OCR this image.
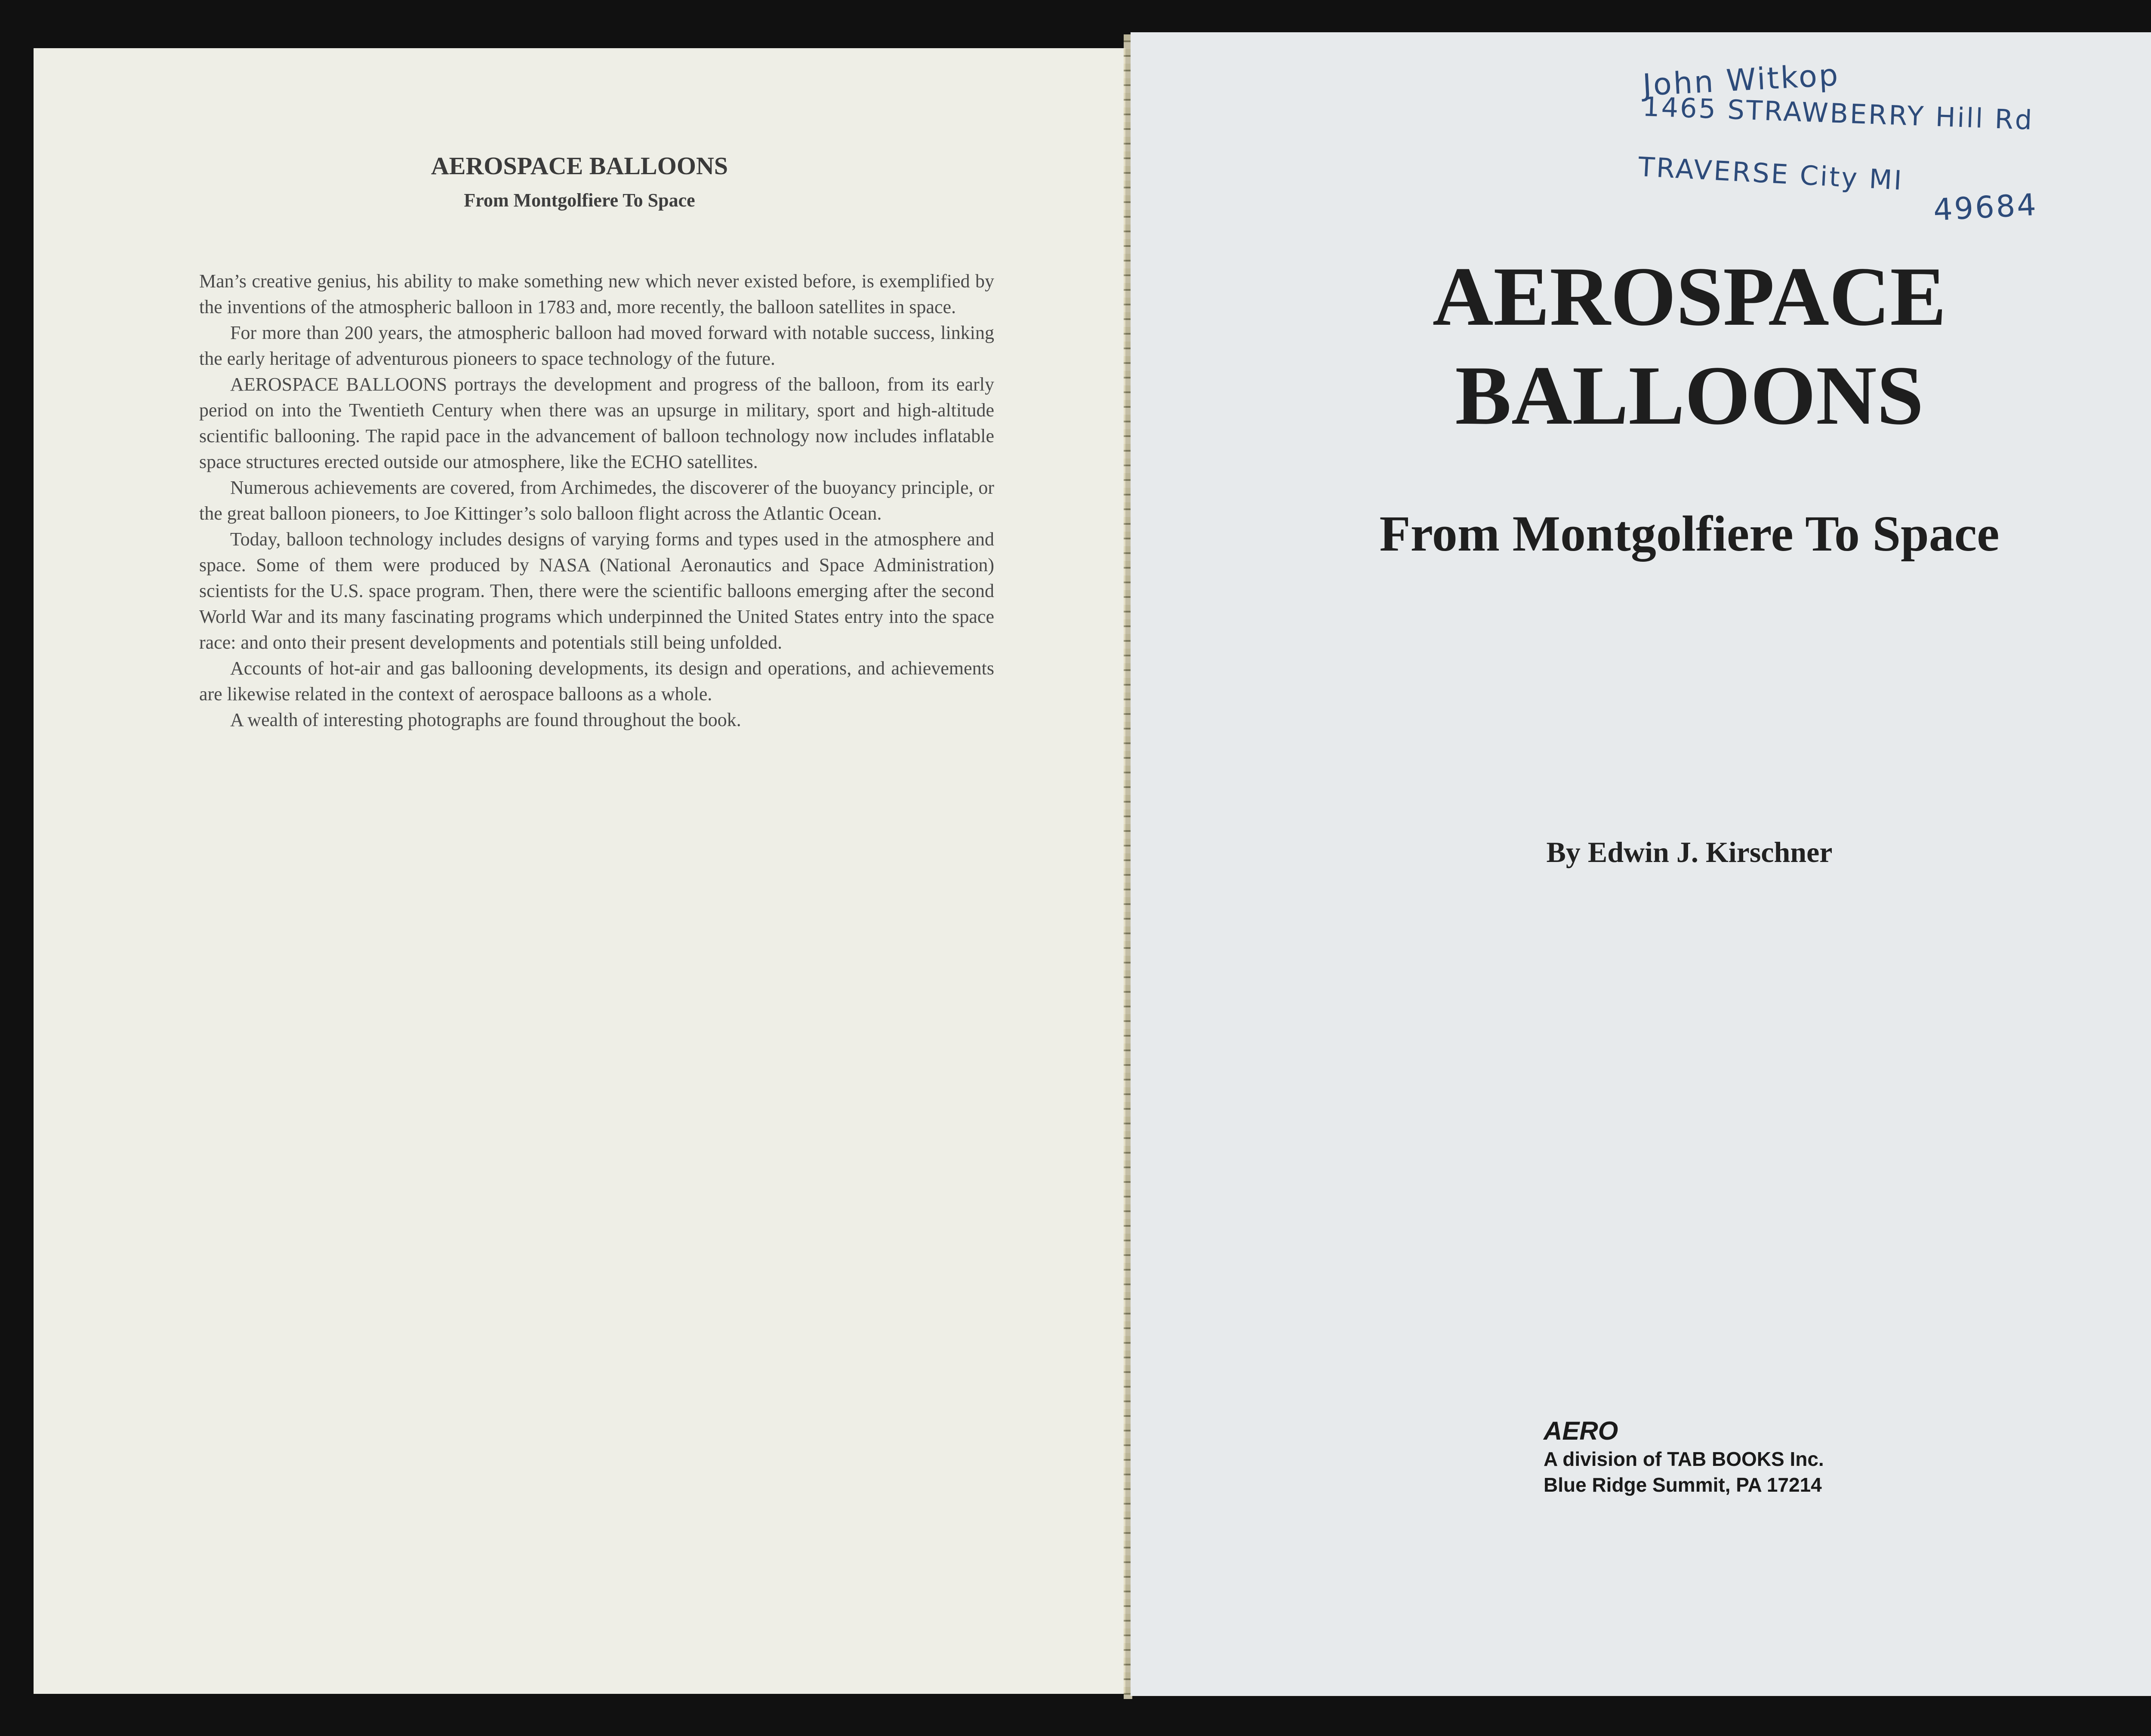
AEROSPACE BALLOONS
From Montgolfiere To Space

Man’s creative genius, his ability to make something new which never existed before, is exemplified by the inventions of the atmospheric balloon in 1783 and, more recently, the balloon satellites in space.

For more than 200 years, the atmospheric balloon had moved forward with notable success, linking the early heritage of adventurous pioneers to space technology of the future.

AEROSPACE BALLOONS portrays the development and progress of the balloon, from its early period on into the Twentieth Century when there was an upsurge in military, sport and high-altitude scientific ballooning. The rapid pace in the advancement of balloon technology now includes inflatable space structures erected outside our atmosphere, like the ECHO satellites.

Numerous achievements are covered, from Archimedes, the discoverer of the buoyancy principle, or the great balloon pioneers, to Joe Kittinger’s solo balloon flight across the Atlantic Ocean.

Today, balloon technology includes designs of varying forms and types used in the atmosphere and space. Some of them were produced by NASA (National Aeronautics and Space Administration) scientists for the U.S. space program. Then, there were the scientific balloons emerging after the second World War and its many fascinating programs which underpinned the United States entry into the space race: and onto their present developments and potentials still being unfolded.

Accounts of hot-air and gas ballooning developments, its design and operations, and achievements are likewise related in the context of aerospace balloons as a whole.

A wealth of interesting photographs are found throughout the book.

John Witkop
1465 STRAWBERRY Hill Rd
TRAVERSE City MI
49684
AEROSPACE
BALLOONS
From Montgolfiere To Space
By Edwin J. Kirschner
AERO
A division of TAB BOOKS Inc.
Blue Ridge Summit, PA 17214
